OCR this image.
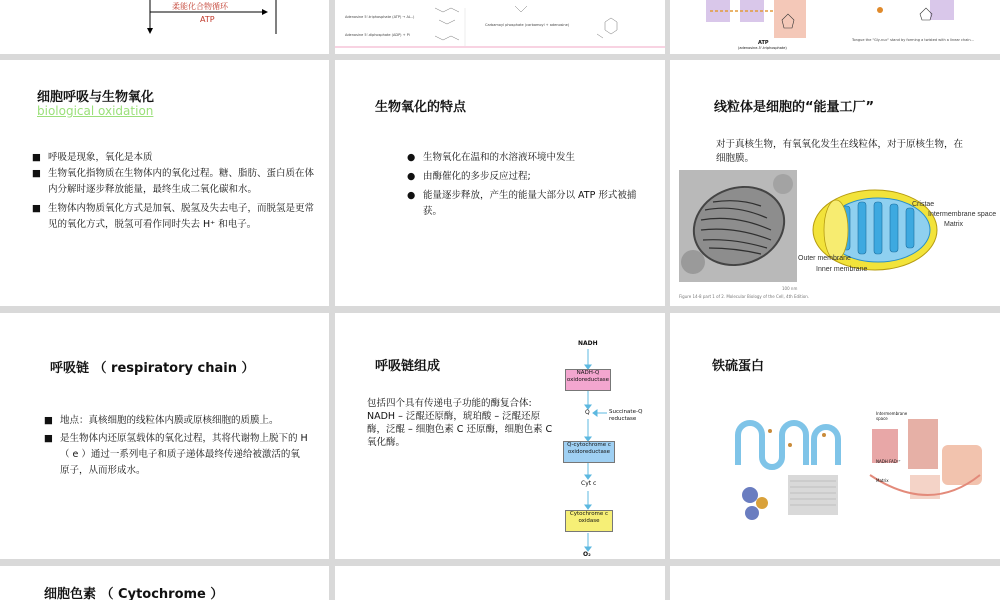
柔能化合物循环
ATP	Adenosine 5'-triphosphate (ATP) → AL..)
Adenosine 5'-diphosphate (ADP) + Pi
Carbamoyl phosphate (carbamoyl + adenosine)
ATP
(adenosine-5'-triphosphate)
Tongue the "Gly-nuc" stand by forming a twisted with a linear chain...
细胞呼吸与生物氧化
biological oxidation
■ 呼吸是现象，氧化是本质
■ 生物氧化指物质在生物体内的氧化过程。糖、脂肪、蛋白质在体内分解时逐步释放能量，最终生成二氧化碳和水。
■ 生物体内物质氧化方式是加氧、脱氢及失去电子，而脱氢是更常见的氧化方式，脱氢可看作同时失去 H⁺ 和电子。
生物氧化的特点
● 生物氧化在温和的水溶液环境中发生
● 由酶催化的多步反应过程;
● 能量逐步释放，产生的能量大部分以 ATP 形式被捕获。
线粒体是细胞的“能量工厂”
对于真核生物，有氧氧化发生在线粒体，对于原核生物，在细胞膜。
100 nm
Figure 14-8 part 1 of 2. Molecular Biology of the Cell, 4th Edition.
Cristae
Intermembrane space
Matrix
Outer membrane
Inner membrane
呼吸链 （ respiratory chain ）
■ 地点：真核细胞的线粒体内膜或原核细胞的质膜上。
■ 是生物体内还原氢载体的氧化过程，其将代谢物上脱下的 H （ e ）通过一系列电子和质子递体最终传递给被激活的氧原子，从而形成水。
呼吸链组成
包括四个具有传递电子功能的酶复合体: NADH – 泛醌还原酶，琥珀酸 – 泛醌还原酶，泛醌 – 细胞色素 C 还原酶，细胞色素 C 氧化酶。
NADH
NADH-Q oxidoreductase
Q	Succinate-Q reductase
Q-cytochrome c oxidoreductase
Cyt c
Cytochrome c oxidase
O₂
铁硫蛋白
Intermembrane space
Matrix
NADH FAD²⁺
细胞色素 （ Cytochrome ）
